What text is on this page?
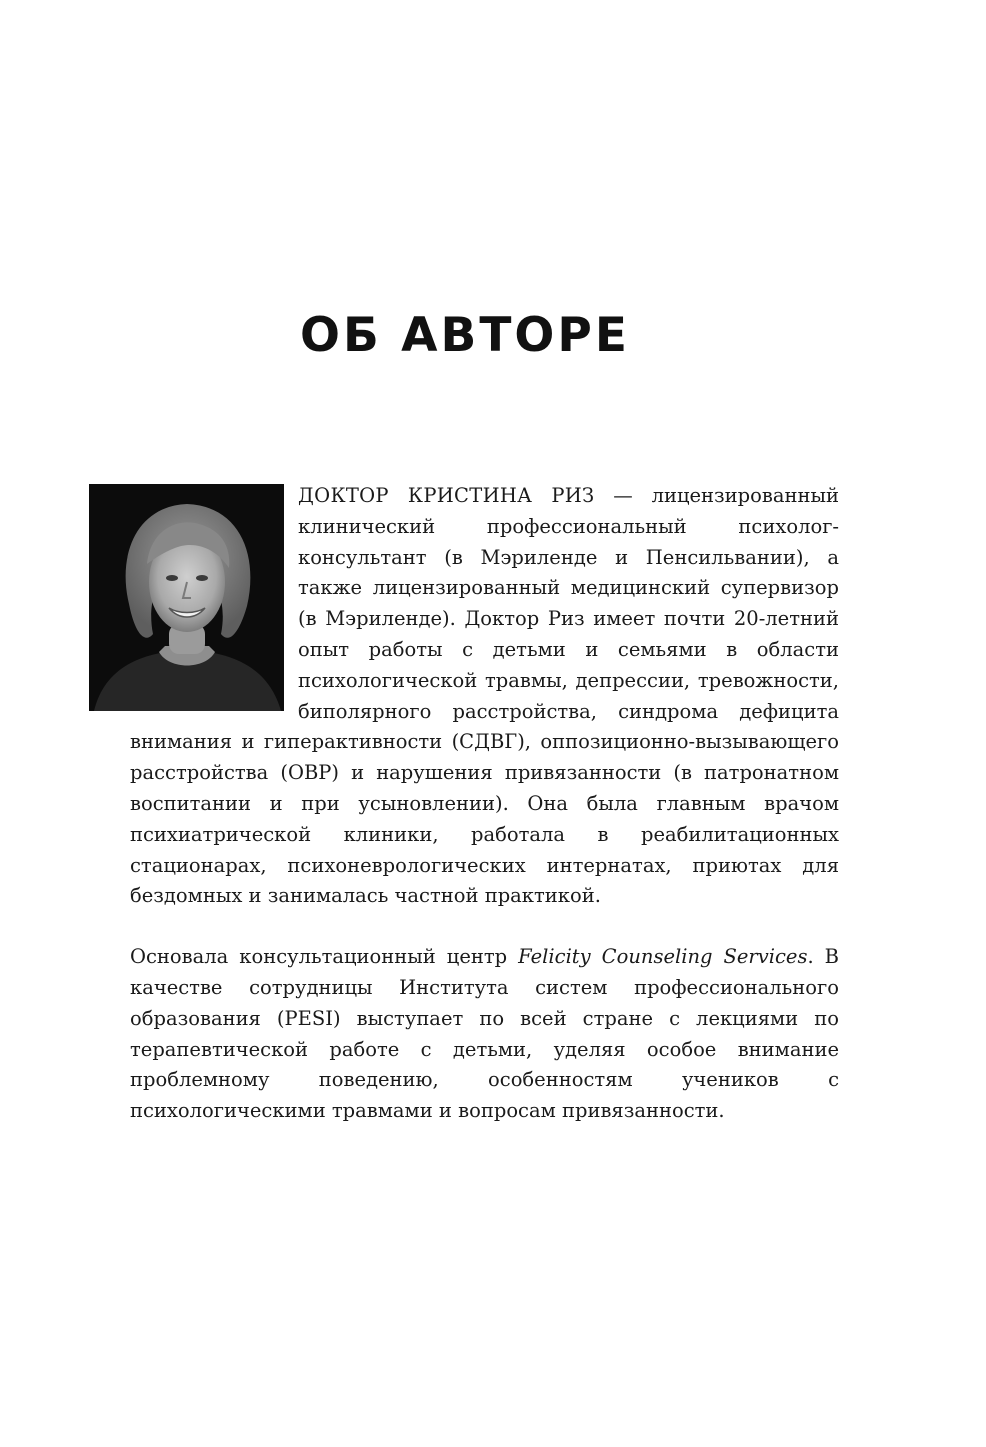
ОБ АВТОРЕ

ДОКТОР КРИСТИНА РИЗ — лицензированный клинический профессиональный психолог-консультант (в Мэриленде и Пенсильвании), а также лицензированный медицинский супервизор (в Мэриленде). Доктор Риз имеет почти 20-летний опыт работы с детьми и семьями в области психологической травмы, депрессии, тревожности, биполярного расстройства, синдрома дефицита внимания и гиперактивности (СДВГ), оппозиционно-вызывающего расстройства (ОВР) и нарушения привязанности (в патронатном воспитании и при усыновлении). Она была главным врачом психиатрической клиники, работала в реабилитационных стационарах, психоневрологических интернатах, приютах для бездомных и занималась частной практикой.

Основала консультационный центр Felicity Counseling Services. В качестве сотрудницы Института систем профессионального образования (PESI) выступает по всей стране с лекциями по терапевтической работе с детьми, уделяя особое внимание проблемному поведению, особенностям учеников с психологическими травмами и вопросам привязанности.
